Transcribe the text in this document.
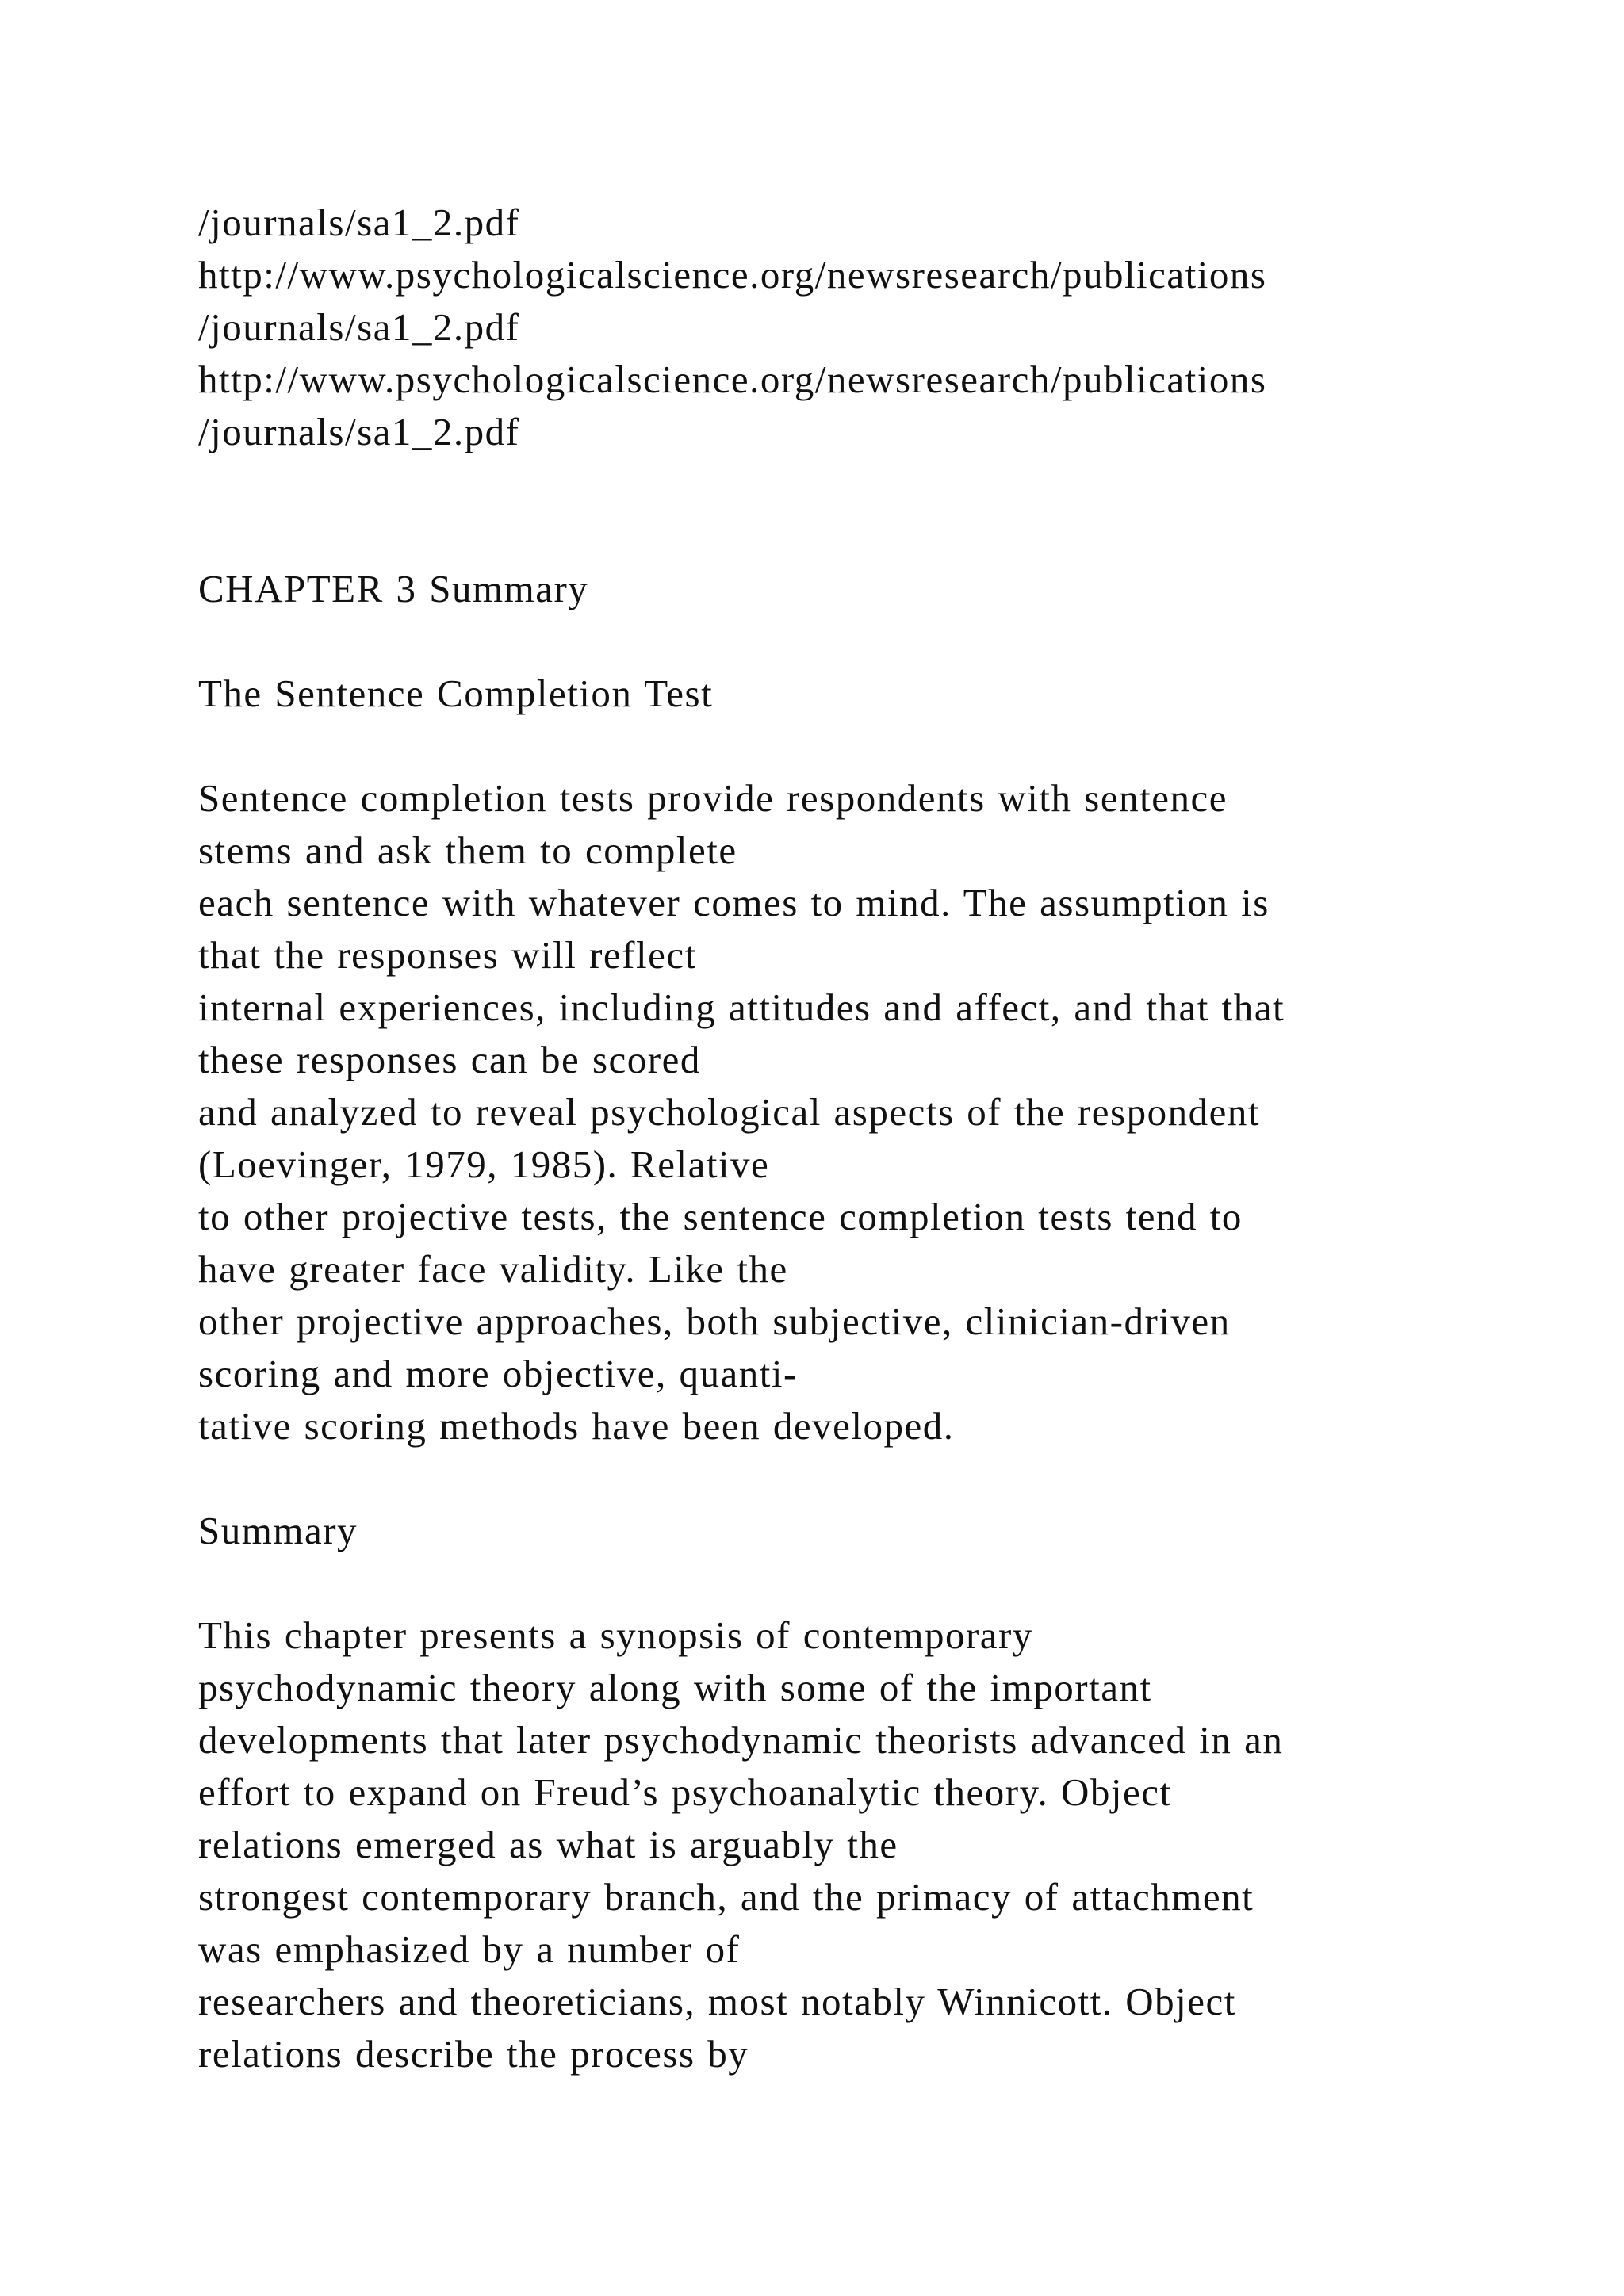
/journals/sa1_2.pdf
http://www.psychologicalscience.org/newsresearch/publications
/journals/sa1_2.pdf
http://www.psychologicalscience.org/newsresearch/publications
/journals/sa1_2.pdf
CHAPTER 3 Summary
The Sentence Completion Test
Sentence completion tests provide respondents with sentence
stems and ask them to complete
each sentence with whatever comes to mind. The assumption is
that the responses will reflect
internal experiences, including attitudes and affect, and that that
these responses can be scored
and analyzed to reveal psychological aspects of the respondent
(Loevinger, 1979, 1985). Relative
to other projective tests, the sentence completion tests tend to
have greater face validity. Like the
other projective approaches, both subjective, clinician-driven
scoring and more objective, quanti-
tative scoring methods have been developed.
Summary
This chapter presents a synopsis of contemporary
psychodynamic theory along with some of the important
developments that later psychodynamic theorists advanced in an
effort to expand on Freud’s psychoanalytic theory. Object
relations emerged as what is arguably the
strongest contemporary branch, and the primacy of attachment
was emphasized by a number of
researchers and theoreticians, most notably Winnicott. Object
relations describe the process by
